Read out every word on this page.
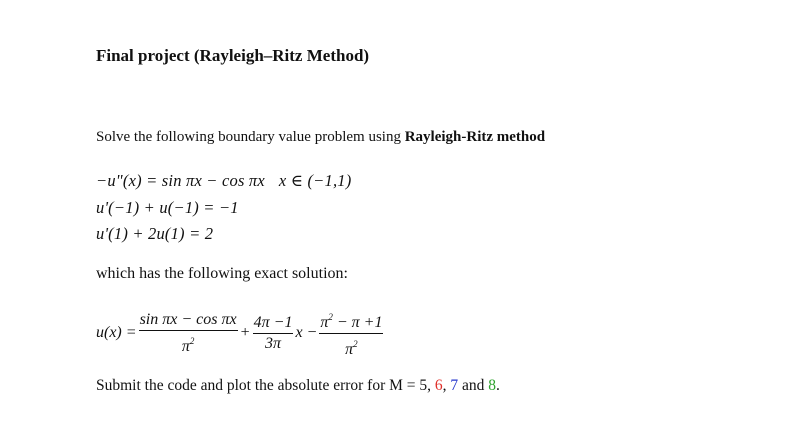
Final project (Rayleigh–Ritz Method)
Solve the following boundary value problem using Rayleigh-Ritz method
−u"(x) = sin πx − cos πx x ∈ (−1,1)
u'(−1) + u(−1) = −1
u'(1) + 2u(1) = 2
which has the following exact solution:
$u(x) = \frac{\text{sin πx − cos πx}}{\pi^2} + \frac{4\pi -1}{3\pi}$ $x - \frac{\pi^2 - \pi +1}{\pi^2}$
Submit the code and plot the absolute error for M = 5, 6, 7 and 8.
